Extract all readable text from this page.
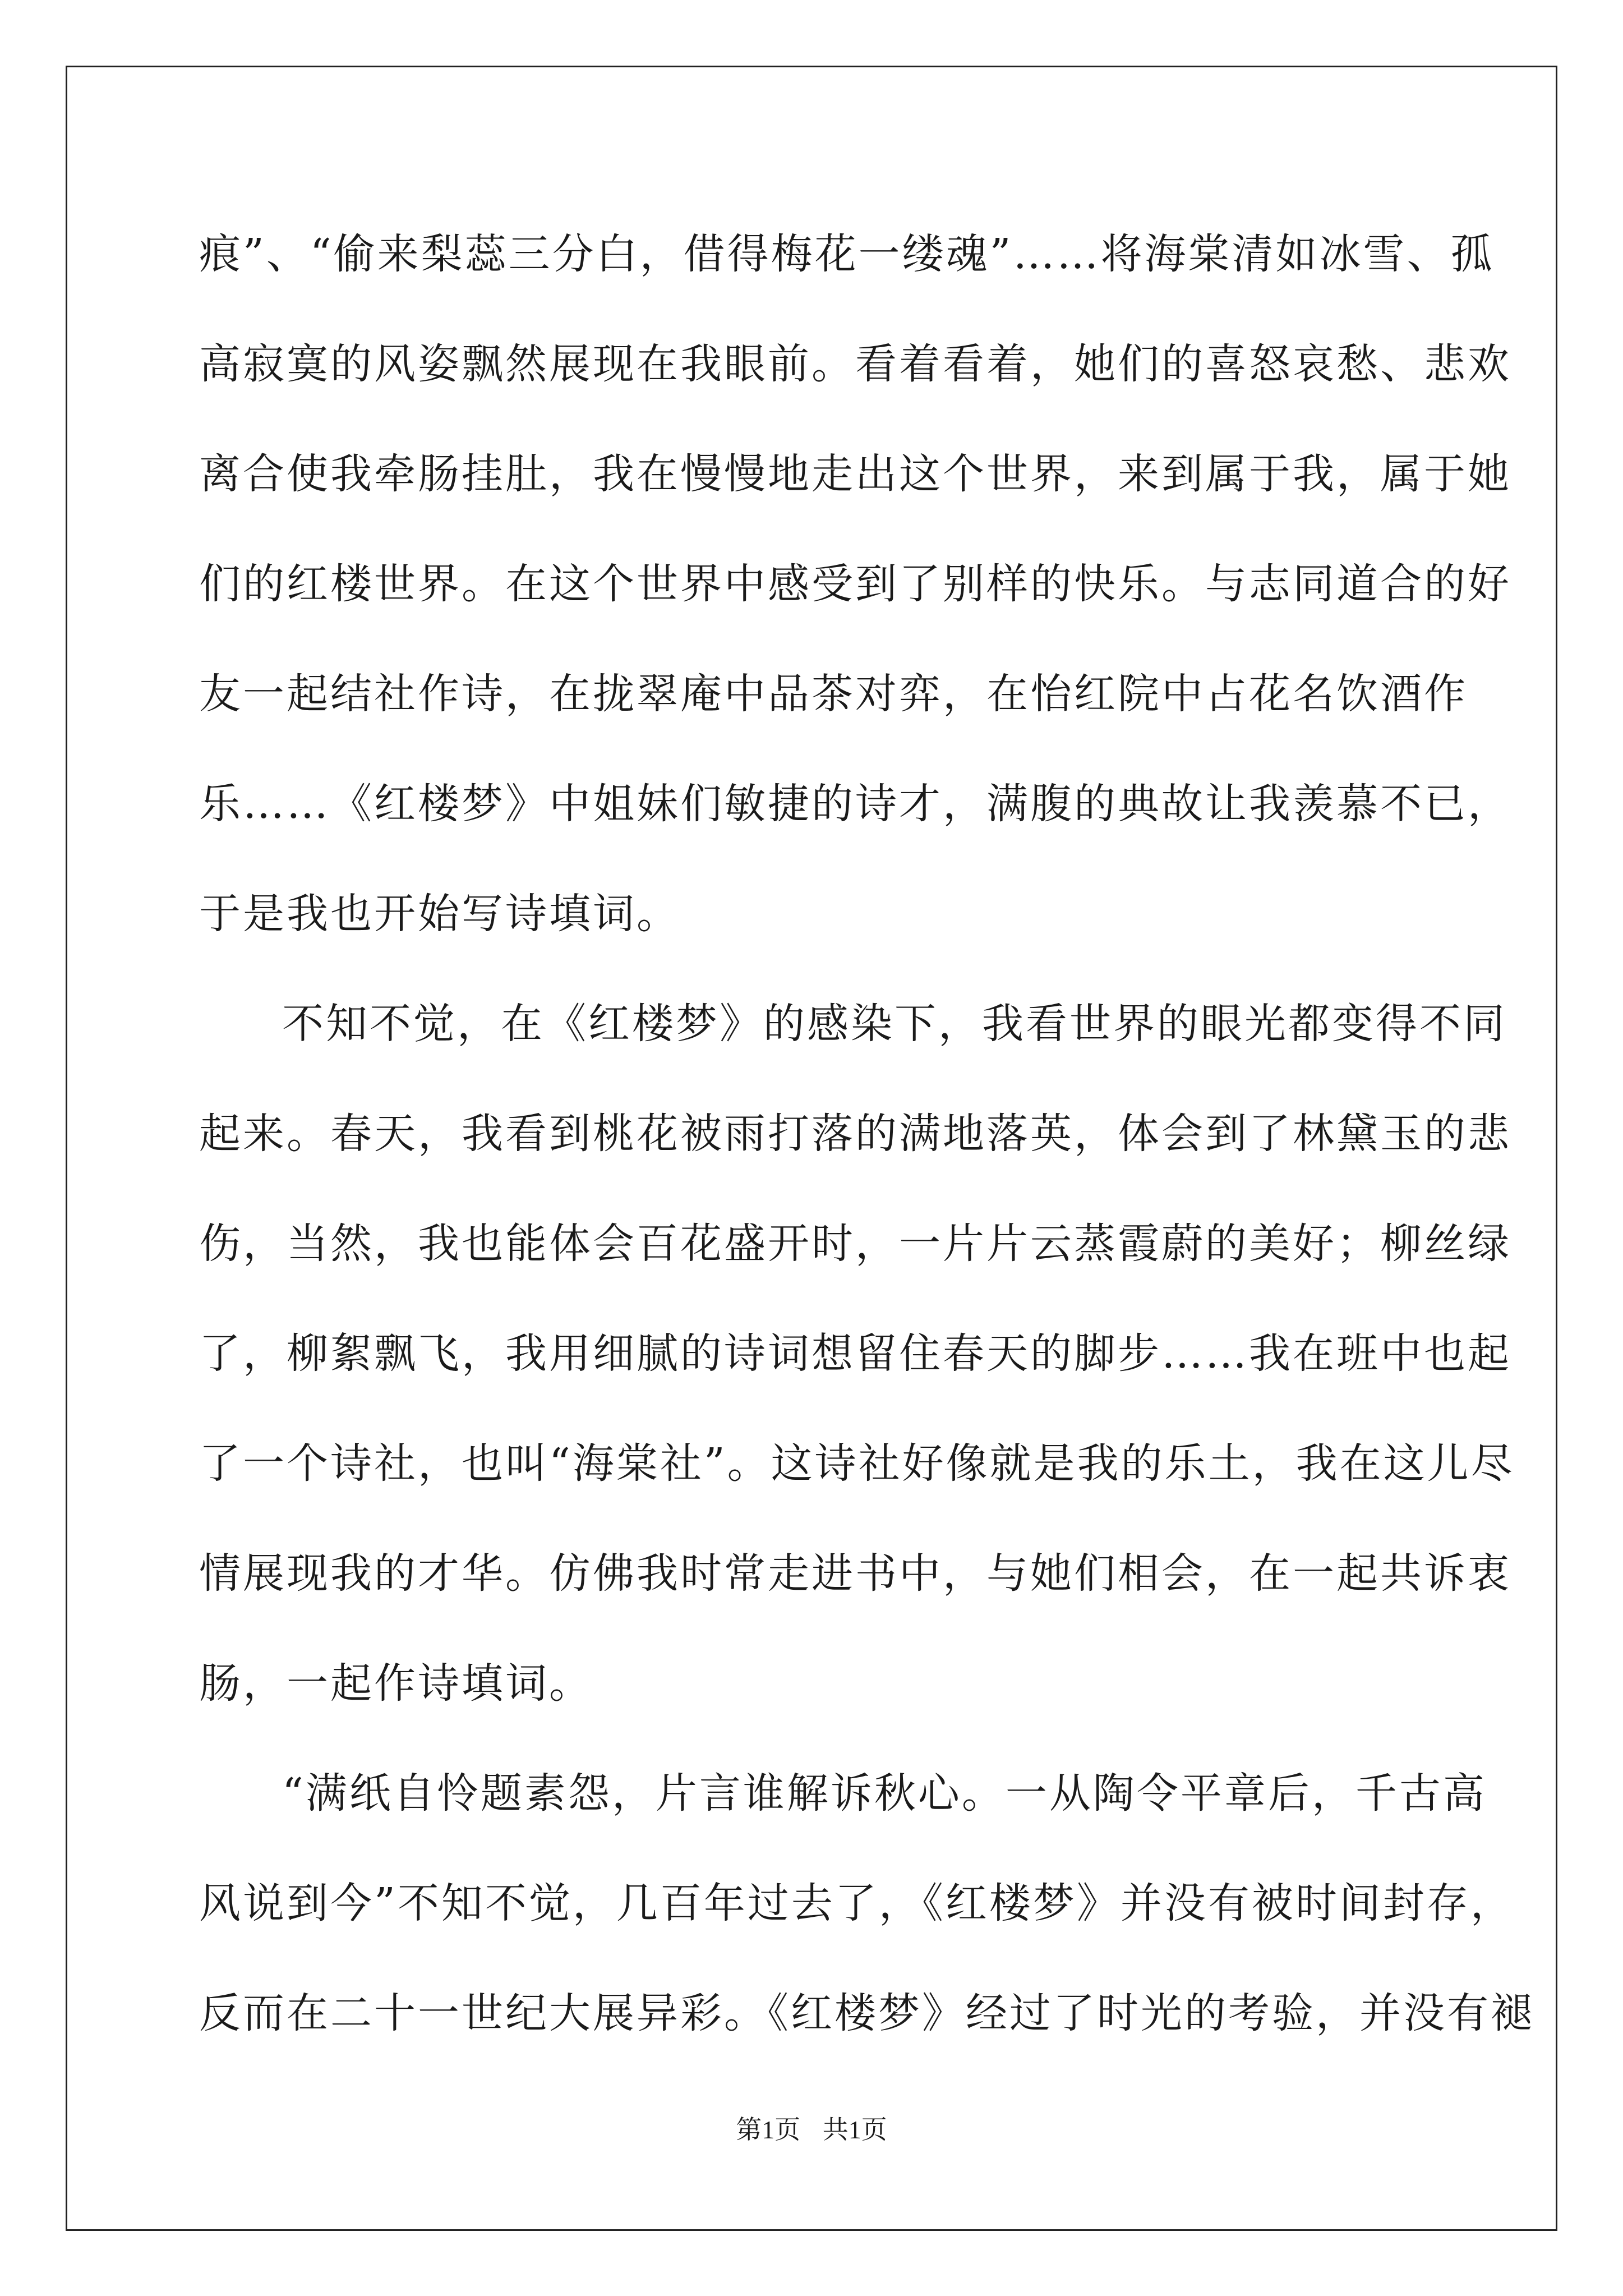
痕”、“偷来梨蕊三分白，借得梅花一缕魂”……将海棠清如冰雪、孤
高寂寞的风姿飘然展现在我眼前。看着看着，她们的喜怒哀愁、悲欢
离合使我牵肠挂肚，我在慢慢地走出这个世界，来到属于我，属于她
们的红楼世界。在这个世界中感受到了别样的快乐。与志同道合的好
友一起结社作诗，在拢翠庵中品茶对弈，在怡红院中占花名饮酒作
乐……《红楼梦》中姐妹们敏捷的诗才，满腹的典故让我羡慕不已，
于是我也开始写诗填词。
不知不觉，在《红楼梦》的感染下，我看世界的眼光都变得不同
起来。春天，我看到桃花被雨打落的满地落英，体会到了林黛玉的悲
伤，当然，我也能体会百花盛开时，一片片云蒸霞蔚的美好；柳丝绿
了，柳絮飘飞，我用细腻的诗词想留住春天的脚步……我在班中也起
了一个诗社，也叫“海棠社”。这诗社好像就是我的乐土，我在这儿尽
情展现我的才华。仿佛我时常走进书中，与她们相会，在一起共诉衷
肠，一起作诗填词。
“满纸自怜题素怨，片言谁解诉秋心。一从陶令平章后，千古高
风说到今”不知不觉，几百年过去了，《红楼梦》并没有被时间封存，
反而在二十一世纪大展异彩。《红楼梦》经过了时光的考验，并没有褪
第1页 共1页
